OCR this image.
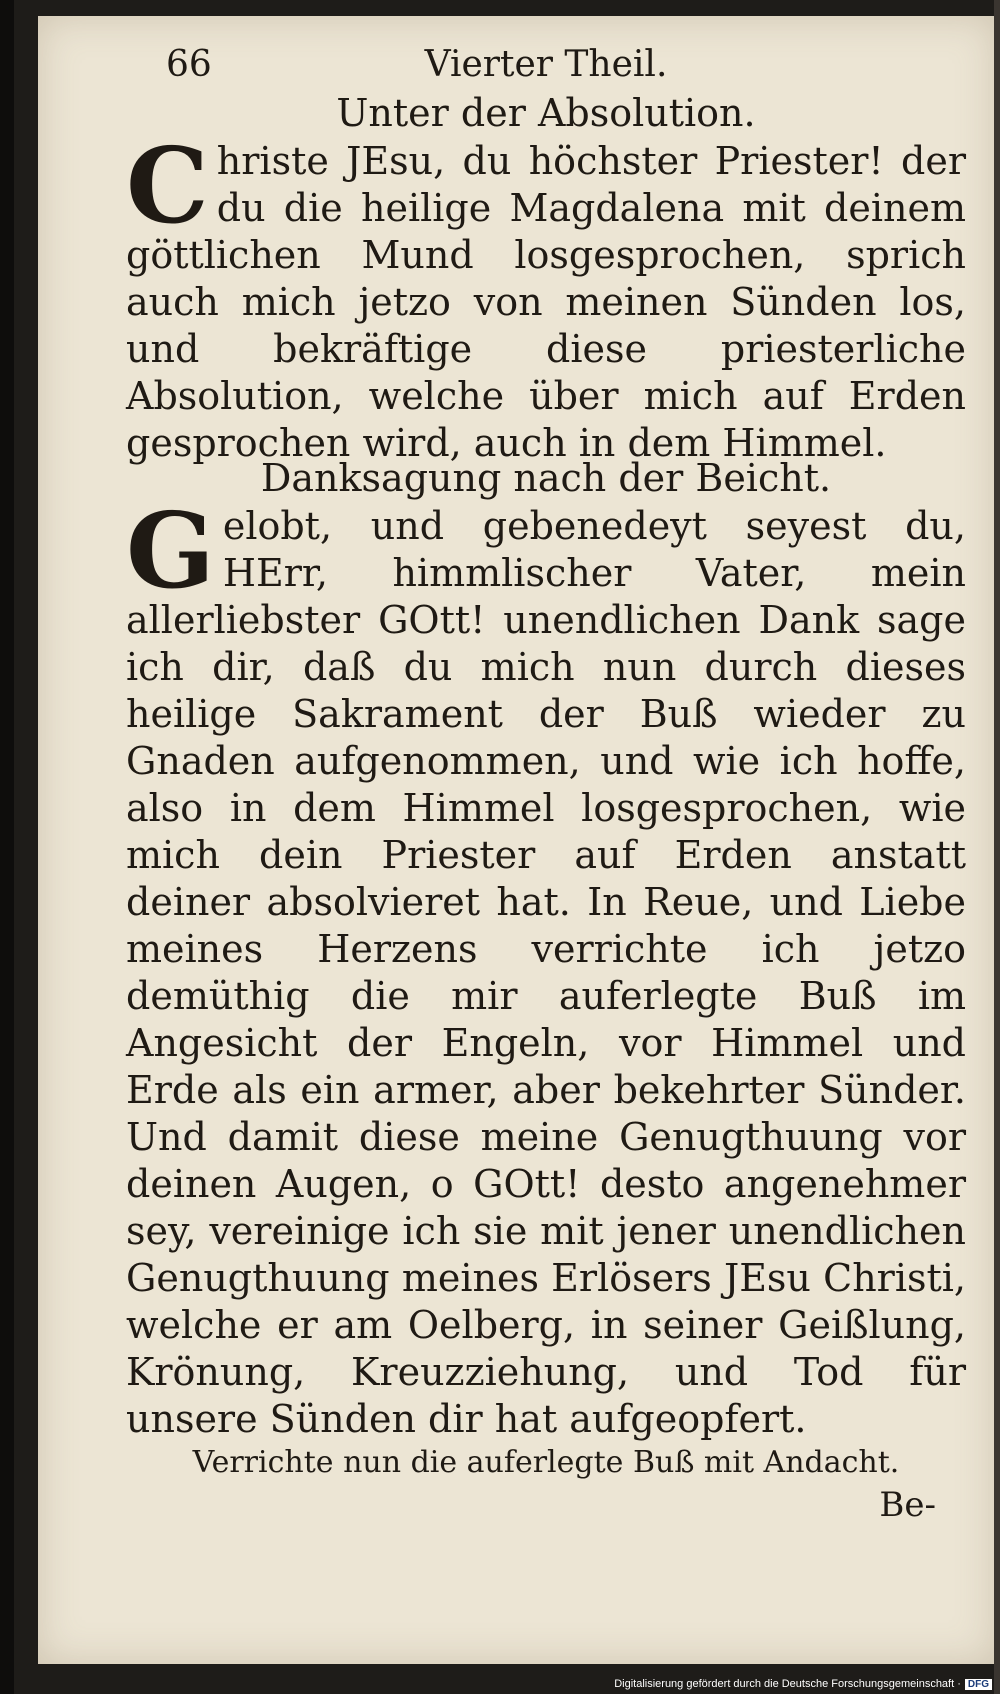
66	Vierter Theil.
Unter der Absolution.

Christe JEsu, du höchster Priester! der du die heilige Magdalena mit deinem göttlichen Mund losgesprochen, sprich auch mich jetzo von meinen Sünden los, und bekräftige diese priesterliche Absolution, welche über mich auf Erden gesprochen wird, auch in dem Himmel.

Danksagung nach der Beicht.

Gelobt, und gebenedeyt seyest du, HErr, himmlischer Vater, mein allerliebster GOtt! unendlichen Dank sage ich dir, daß du mich nun durch dieses heilige Sakrament der Buß wieder zu Gnaden aufgenommen, und wie ich hoffe, also in dem Himmel losgesprochen, wie mich dein Priester auf Erden anstatt deiner absolvieret hat. In Reue, und Liebe meines Herzens verrichte ich jetzo demüthig die mir auferlegte Buß im Angesicht der Engeln, vor Himmel und Erde als ein armer, aber bekehrter Sünder. Und damit diese meine Genugthuung vor deinen Augen, o GOtt! desto angenehmer sey, vereinige ich sie mit jener unendlichen Genugthuung meines Erlösers JEsu Christi, welche er am Oelberg, in seiner Geißlung, Krönung, Kreuzziehung, und Tod für unsere Sünden dir hat aufgeopfert.

Verrichte nun die auferlegte Buß mit Andacht.
Be-
Digitalisierung gefördert durch die Deutsche Forschungsgemeinschaft · DFG
